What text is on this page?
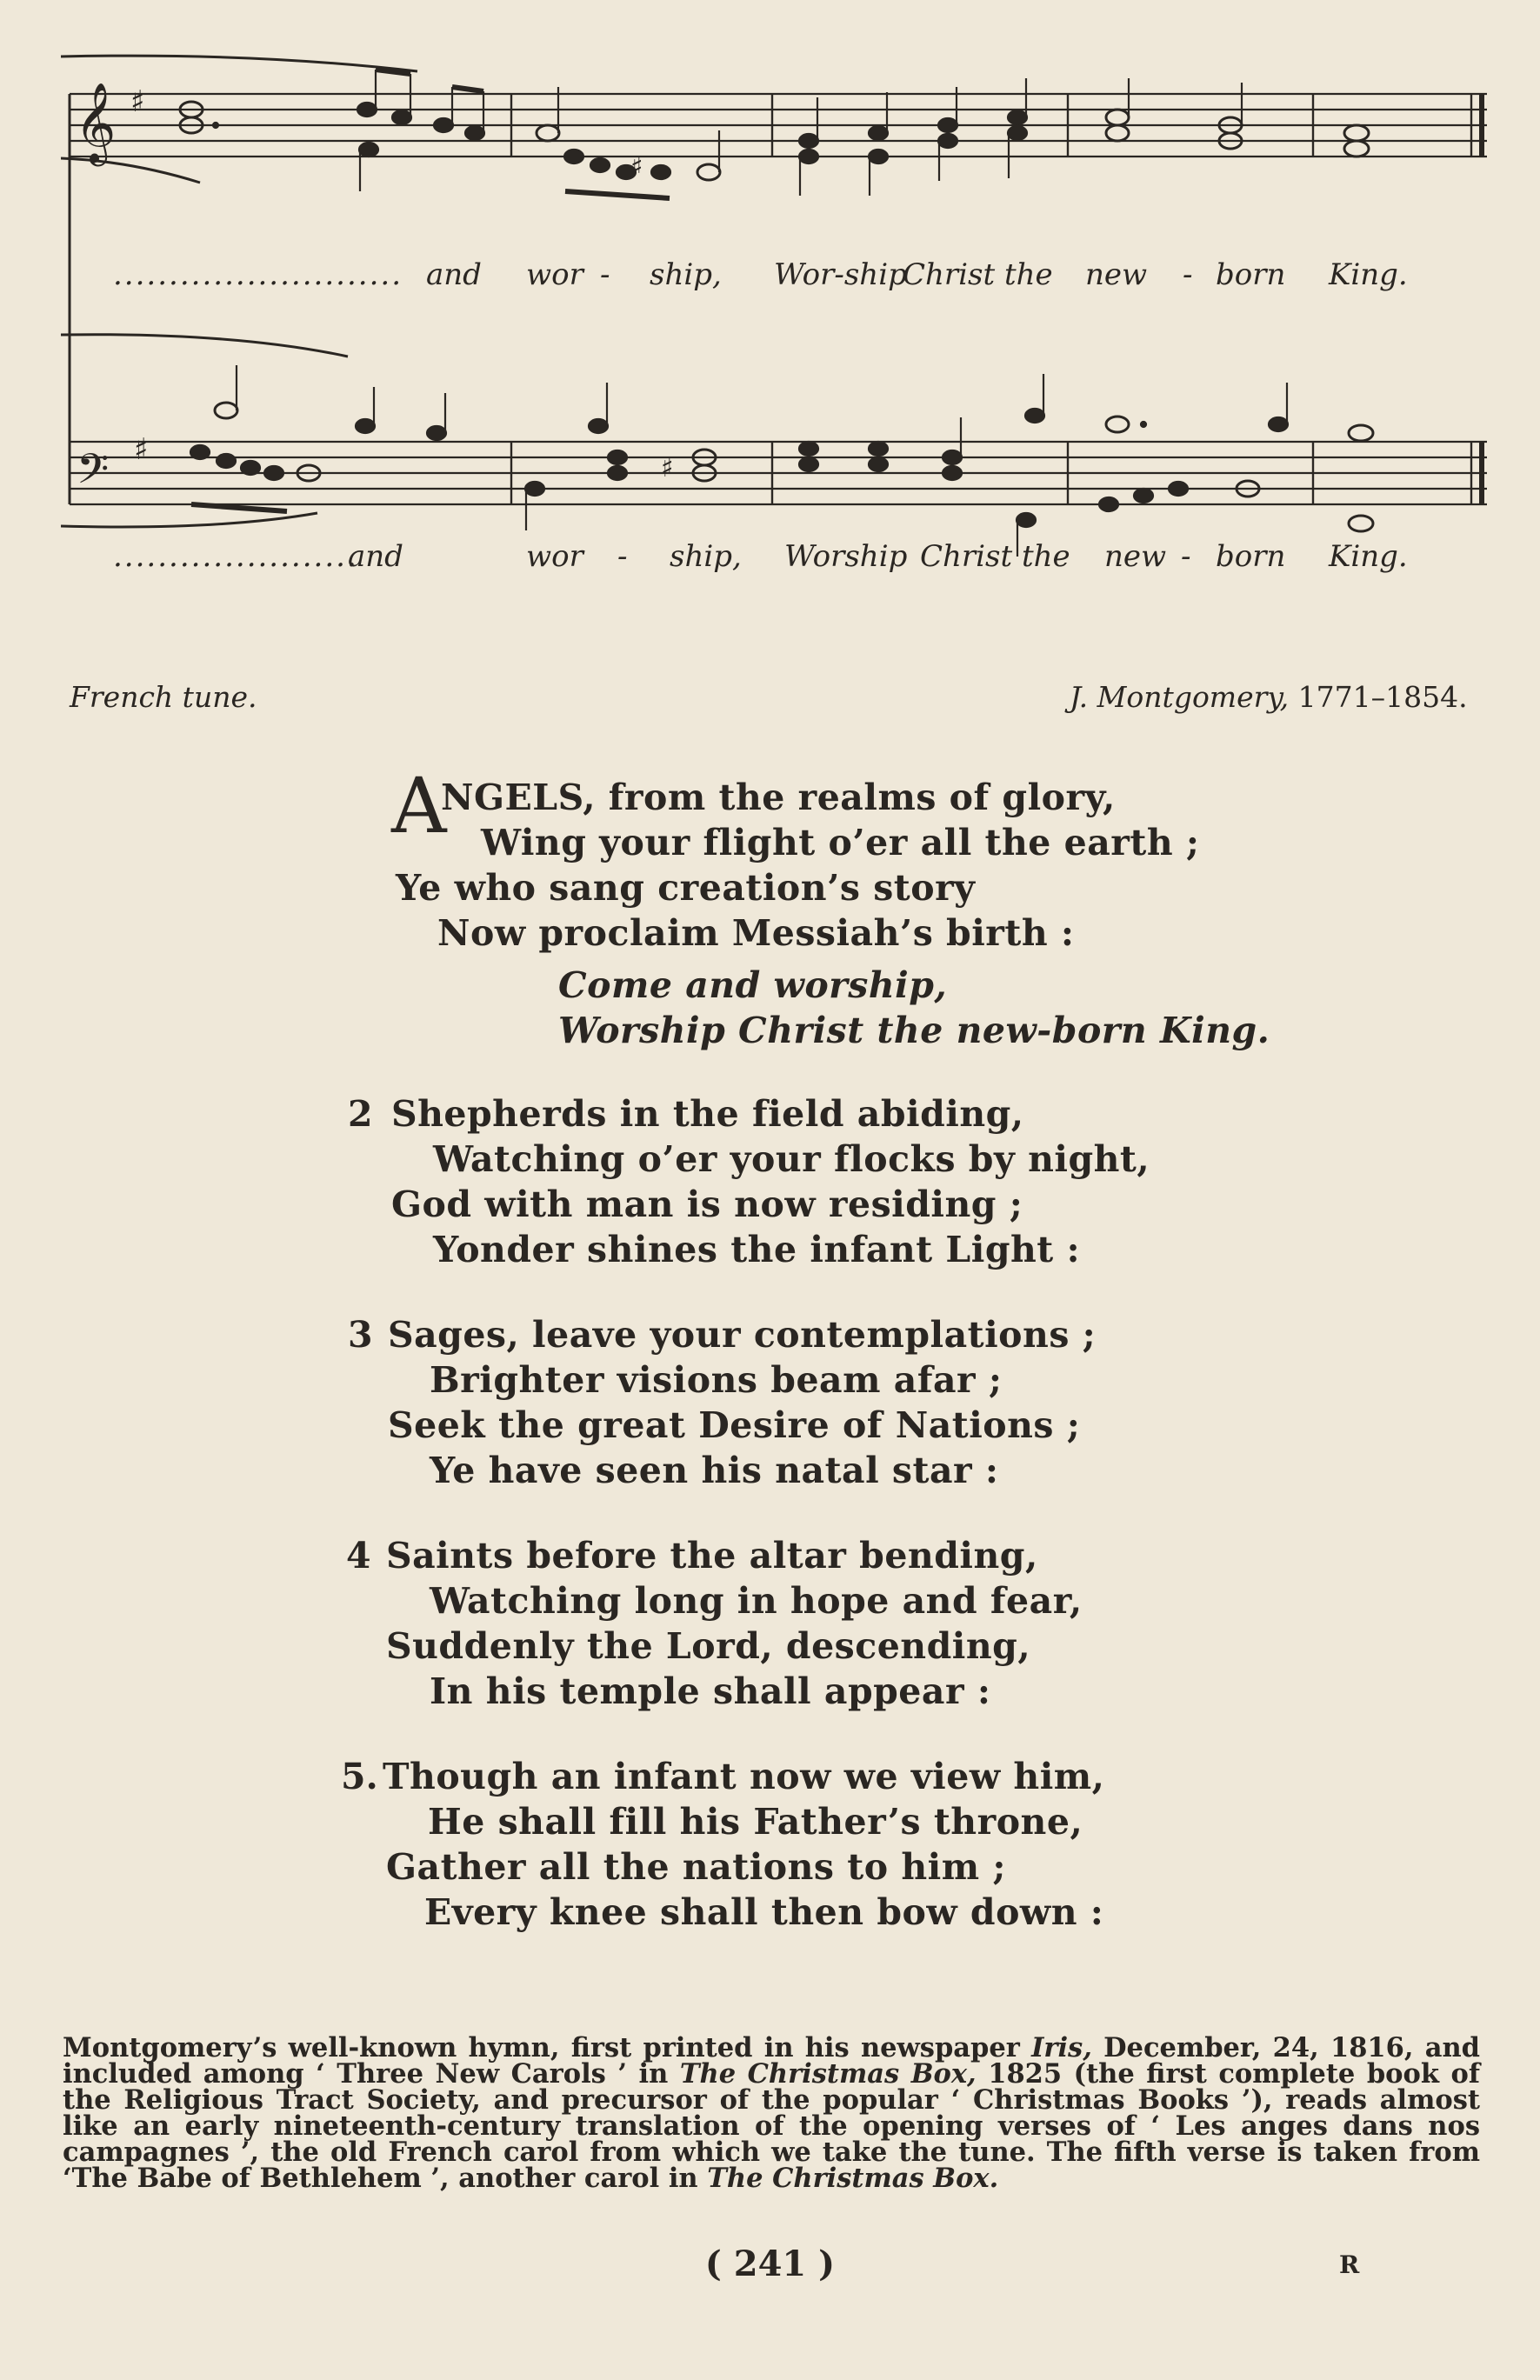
𝄞
𝄢
♯
♯
♯
♯
.......................... and wor - ship, Wor-ship
Christ the new - born King.
......................
and	wor - ship, Worship Christ the new - born King.
French tune.	J. Montgomery, 1771–1854.
A
NGELS, from the realms of glory,
Wing your flight o’er all the earth ;
Ye who sang creation’s story
Now proclaim Messiah’s birth :
Come and worship,
Worship Christ the new-born King.
2 Shepherds in the field abiding,
Watching o’er your flocks by night,
God with man is now residing ;
Yonder shines the infant Light :
3 Sages, leave your contemplations ;
Brighter visions beam afar ;
Seek the great Desire of Nations ;
Ye have seen his natal star :
4 Saints before the altar bending,
Watching long in hope and fear,
Suddenly the Lord, descending,
In his temple shall appear :
5. Though an infant now we view him,
He shall fill his Father’s throne,
Gather all the nations to him ;
Every knee shall then bow down :
Montgomery’s well-known hymn, first printed in his newspaper Iris, December, 24, 1816, and included among ‘ Three New Carols ’ in The Christmas Box, 1825 (the first complete book of the Religious Tract Society, and precursor of the popular ‘ Christmas Books ’), reads almost like an early nineteenth-century translation of the opening verses of ‘ Les anges dans nos campagnes ’, the old French carol from which we take the tune. The fifth verse is taken from ‘The Babe of Bethlehem ’, another carol in The Christmas Box.
( 241 )	R
